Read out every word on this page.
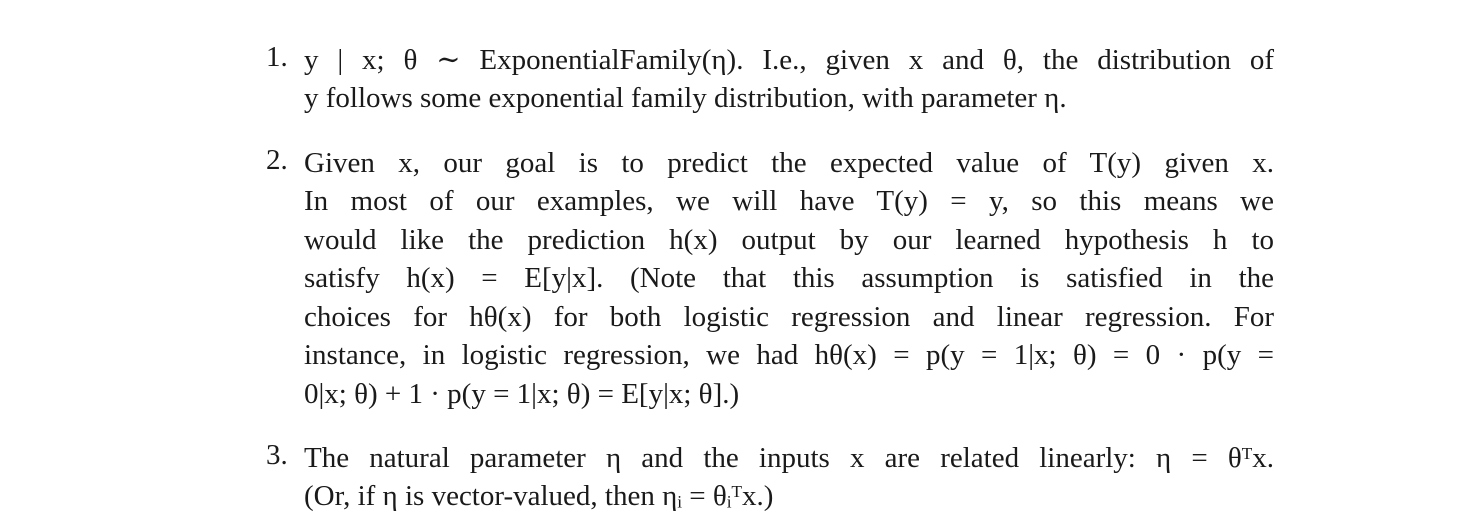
1. y | x; θ ∼ ExponentialFamily(η). I.e., given x and θ, the distribution of
y follows some exponential family distribution, with parameter η.
2. Given x, our goal is to predict the expected value of T(y) given x.
In most of our examples, we will have T(y) = y, so this means we
would like the prediction h(x) output by our learned hypothesis h to
satisfy h(x) = E[y|x]. (Note that this assumption is satisfied in the
choices for hθ(x) for both logistic regression and linear regression. For
instance, in logistic regression, we had hθ(x) = p(y = 1|x; θ) = 0 · p(y =
0|x; θ) + 1 · p(y = 1|x; θ) = E[y|x; θ].)
3. The natural parameter η and the inputs x are related linearly: η = θᵀx.
(Or, if η is vector-valued, then ηᵢ = θᵢᵀx.)
